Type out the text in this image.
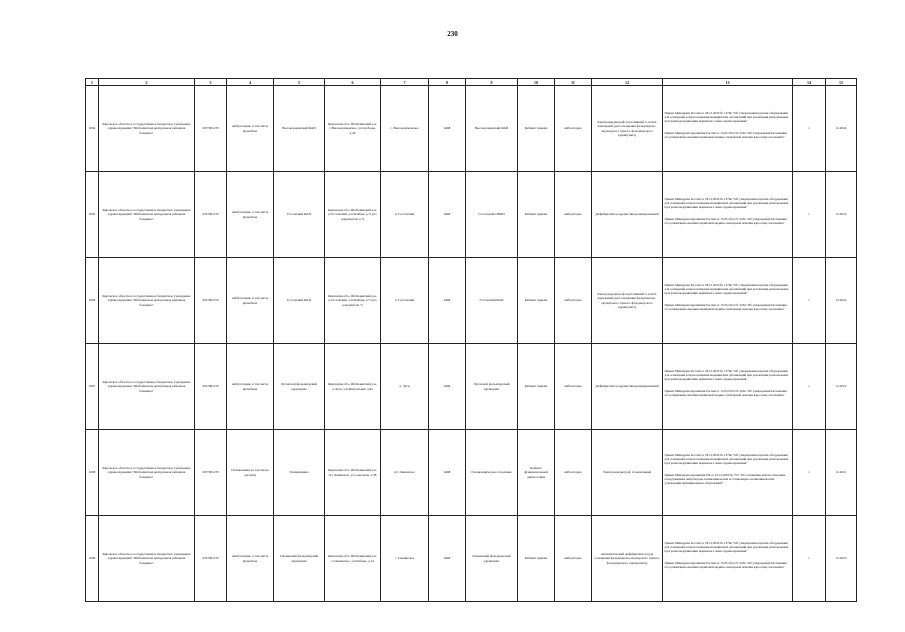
230
1	2	3	4	5	6	7	8	9	10	11	12	13	14	15
1064	Кировское областное государственное бюджетное учреждение здравоохранения "Шабалинская центральная районная больница"	4337001270	Амбулатория, в том числе врачебная	Высокораменский ФАП	Кировская обл., Шабалинский р-н, с.Высокораменское, ул.Свободы, д.40	с. Высокораменское	4468	Высокораменский ФАП	Кабинет приема	амбулаторно	Электрокардиограф портативный 3- или 6-канальный (для оснащения фельдшерско-акушерского пункта, фельдшерского здравпункта)	Приказ Минздрава России от 28.12.2020 № 1379н "Об утверждении перечня оборудования для оснащения и переоснащения медицинских организаций при реализации региональных программ модернизации первичного звена здравоохранения"
Приказ Минздравсоцразвития России от 15.05.2012 № 543н "Об утверждении Положения об организации оказания первичной медико-санитарной помощи взрослому населению"	1	12.2024
1065	Кировское областное государственное бюджетное учреждение здравоохранения "Шабалинская центральная районная больница"	4337001270	Амбулатория, в том числе врачебная	Гостовский ФАП	Кировская обл., Шабалинский р-н, д.Гостовский, ул.Октября, д.7а (по документам д.7)	п. Гостовский	4468	Гостовский ОВОП	Кабинет приема	амбулаторно	Дефибриллятор кардиосинхронизированный	Приказ Минздрава России от 28.12.2020 № 1379н "Об утверждении перечня оборудования для оснащения и переоснащения медицинских организаций при реализации региональных программ модернизации первичного звена здравоохранения"
Приказ Минздравсоцразвития России от 15.05.2012 № 543н "Об утверждении Положения об организации оказания первичной медико-санитарной помощи взрослому населению"	1	12.2022
1066	Кировское областное государственное бюджетное учреждение здравоохранения "Шабалинская центральная районная больница"	4337001270	Амбулатория, в том числе врачебная	Гостовский ФАП	Кировская обл., Шабалинский р-н, п.Гостовский, ул.Октября, д.7а (по документам 7)	п. Гостовский	4468	Гостовский ФАП	Кабинет приема	амбулаторно	Электрокардиограф портативный 3- или 6-канальный (для оснащения фельдшерско-акушерского пункта, фельдшерского здравпункта)	Приказ Минздрава России от 28.12.2020 № 1379н "Об утверждении перечня оборудования для оснащения и переоснащения медицинских организаций при реализации региональных программ модернизации первичного звена здравоохранения"
Приказ Минздравсоцразвития России от 15.05.2012 № 543н "Об утверждении Положения об организации оказания первичной медико-санитарной помощи взрослому населению"	1	12.2024
1067	Кировское областное государственное бюджетное учреждение здравоохранения "Шабалинская центральная районная больница"	4337001270	Амбулатория, в том числе врачебная	Луговской фельдшерский здравпункт	Кировская обл., Шабалинский р-н, д.Луги, ул.Центральная, д.8а	д. Луги	4468	Луговской фельдшерский здравпункт	Кабинет приема	амбулаторно	Дефибриллятор кардиосинхронизированный	Приказ Минздрава России от 28.12.2020 № 1379н "Об утверждении перечня оборудования для оснащения и переоснащения медицинских организаций при реализации региональных программ модернизации первичного звена здравоохранения"
Приказ Минздравсоцразвития России от 15.05.2012 № 543н "Об утверждении Положения об организации оказания первичной медико-санитарной помощи взрослому населению"	1	12.2021
1068	Кировское областное государственное бюджетное учреждение здравоохранения "Шабалинская центральная районная больница"	4337001270	Поликлиника (в том числе детская)	Поликлиника	Кировская обл., Шабалинский р-н, пгт Ленинское, ул.Советская, д.38	пгт Ленинское	4468	Поликлиническое отделение	Кабинет функциональной диагностики	амбулаторно	Электрокардиограф 12-канальный	Приказ Минздрава России от 28.12.2020 № 1379н "Об утверждении перечня оборудования для оснащения и переоснащения медицинских организаций при реализации региональных программ модернизации первичного звена здравоохранения"
Приказ Минздравсоцразвития РФ от 01.12.2005 № 753 "Об оснащении диагностическим оборудованием амбулаторно-поликлинических и стационарно-поликлинических учреждений муниципальных образований"	1	12.2021
1069	Кировское областное государственное бюджетное учреждение здравоохранения "Шабалинская центральная районная больница"	4337001270	Амбулатория, в том числе врачебная	Свечинский фельдшерский здравпункт	Кировская обл., Шабалинский р-н, с.Свечинское, ул.Победы, д.14	с. Свечинское	4468	Свечинский фельдшерский здравпункт	Кабинет приема	амбулаторно	Автоматический дефибриллятор (для оснащения фельдшерско-акушерского пункта, фельдшерского здравпункта)	Приказ Минздрава России от 28.12.2020 № 1379н "Об утверждении перечня оборудования для оснащения и переоснащения медицинских организаций при реализации региональных программ модернизации первичного звена здравоохранения"
Приказ Минздравсоцразвития России от 15.05.2012 № 543н "Об утверждении Положения об организации оказания первичной медико-санитарной помощи взрослому населению"	1	12.2023
